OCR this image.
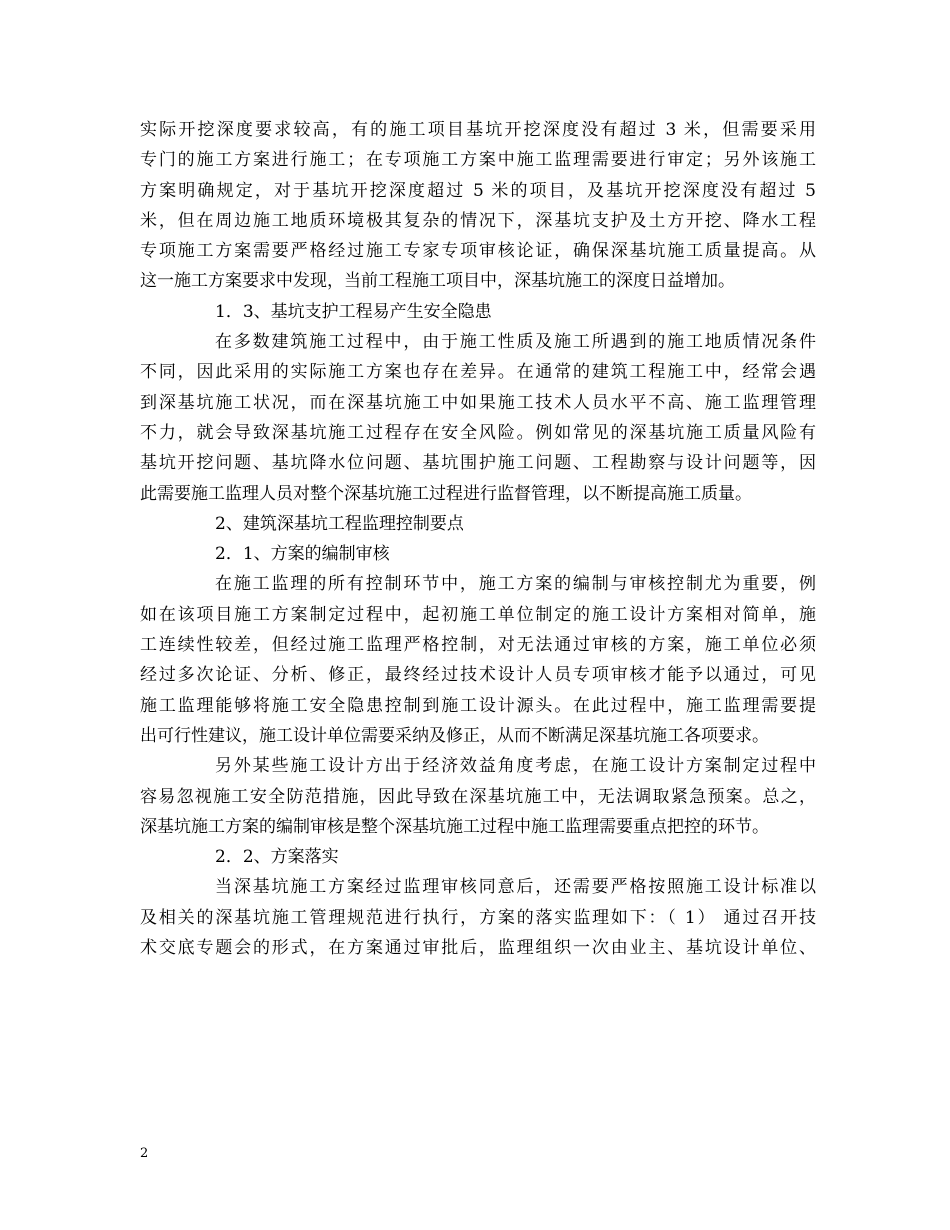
实际开挖深度要求较高，有的施工项目基坑开挖深度没有超过 3 米，但需要采用
专门的施工方案进行施工；在专项施工方案中施工监理需要进行审定；另外该施工
方案明确规定，对于基坑开挖深度超过 5 米的项目，及基坑开挖深度没有超过 5
米，但在周边施工地质环境极其复杂的情况下，深基坑支护及土方开挖、降水工程
专项施工方案需要严格经过施工专家专项审核论证，确保深基坑施工质量提高。从
这一施工方案要求中发现，当前工程施工项目中，深基坑施工的深度日益增加。
1．3、基坑支护工程易产生安全隐患
在多数建筑施工过程中，由于施工性质及施工所遇到的施工地质情况条件
不同，因此采用的实际施工方案也存在差异。在通常的建筑工程施工中，经常会遇
到深基坑施工状况，而在深基坑施工中如果施工技术人员水平不高、施工监理管理
不力，就会导致深基坑施工过程存在安全风险。例如常见的深基坑施工质量风险有
基坑开挖问题、基坑降水位问题、基坑围护施工问题、工程勘察与设计问题等，因
此需要施工监理人员对整个深基坑施工过程进行监督管理，以不断提高施工质量。
2、建筑深基坑工程监理控制要点
2．1、方案的编制审核
在施工监理的所有控制环节中，施工方案的编制与审核控制尤为重要，例
如在该项目施工方案制定过程中，起初施工单位制定的施工设计方案相对简单，施
工连续性较差，但经过施工监理严格控制，对无法通过审核的方案，施工单位必须
经过多次论证、分析、修正，最终经过技术设计人员专项审核才能予以通过，可见
施工监理能够将施工安全隐患控制到施工设计源头。在此过程中，施工监理需要提
出可行性建议，施工设计单位需要采纳及修正，从而不断满足深基坑施工各项要求。
另外某些施工设计方出于经济效益角度考虑，在施工设计方案制定过程中
容易忽视施工安全防范措施，因此导致在深基坑施工中，无法调取紧急预案。总之，
深基坑施工方案的编制审核是整个深基坑施工过程中施工监理需要重点把控的环节。
2．2、方案落实
当深基坑施工方案经过监理审核同意后，还需要严格按照施工设计标准以
及相关的深基坑施工管理规范进行执行，方案的落实监理如下：（ 1） 通过召开技
术交底专题会的形式，在方案通过审批后，监理组织一次由业主、基坑设计单位、
2
